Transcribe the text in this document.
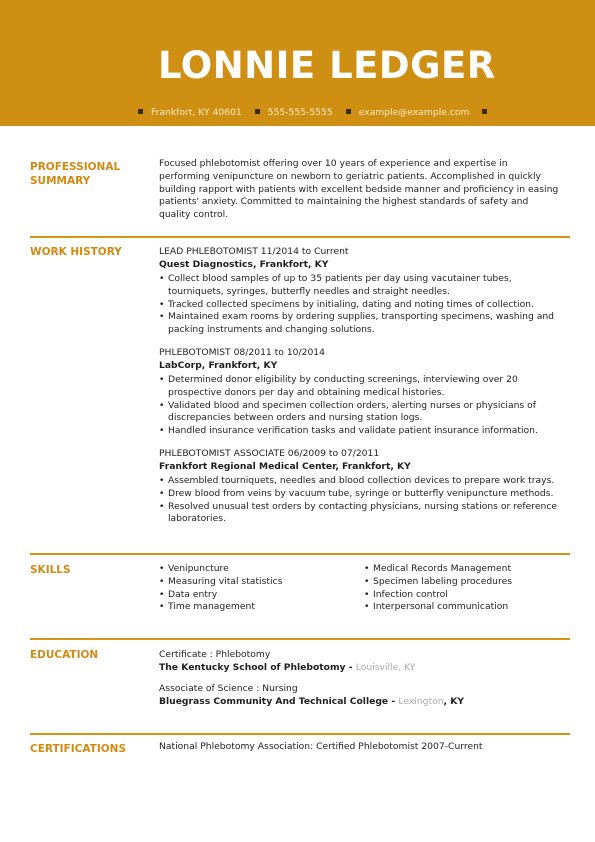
LONNIE LEDGER
Frankfort, KY 40601	555-555-5555	example@example.com
PROFESSIONAL
SUMMARY

Focused phlebotomist offering over 10 years of experience and expertise in performing venipuncture on newborn to geriatric patients. Accomplished in quickly building rapport with patients with excellent bedside manner and proficiency in easing patients' anxiety. Committed to maintaining the highest standards of safety and quality control.

WORK HISTORY	LEAD PHLEBOTOMIST 11/2014 to Current

Quest Diagnostics, Frankfort, KY

• Collect blood samples of up to 35 patients per day using vacutainer tubes, tourniquets, syringes, butterfly needles and straight needles.
• Tracked collected specimens by initialing, dating and noting times of collection.
• Maintained exam rooms by ordering supplies, transporting specimens, washing and packing instruments and changing solutions.

PHLEBOTOMIST 08/2011 to 10/2014

LabCorp, Frankfort, KY

• Determined donor eligibility by conducting screenings, interviewing over 20 prospective donors per day and obtaining medical histories.
• Validated blood and specimen collection orders, alerting nurses or physicians of discrepancies between orders and nursing station logs.
• Handled insurance verification tasks and validate patient insurance information.

PHLEBOTOMIST ASSOCIATE 06/2009 to 07/2011

Frankfort Regional Medical Center, Frankfort, KY

• Assembled tourniquets, needles and blood collection devices to prepare work trays.
• Drew blood from veins by vacuum tube, syringe or butterfly venipuncture methods.
• Resolved unusual test orders by contacting physicians, nursing stations or reference laboratories.
SKILLS
•	Venipuncture
• Measuring vital statistics
• Data entry
• Time management
• Medical Records Management
• Specimen labeling procedures
• Infection control
• Interpersonal communication
EDUCATION	Certificate : Phlebotomy

The Kentucky School of Phlebotomy - Louisville, KY

Associate of Science : Nursing

Bluegrass Community And Technical College - Lexington, KY

CERTIFICATIONS	National Phlebotomy Association: Certified Phlebotomist 2007-Current
